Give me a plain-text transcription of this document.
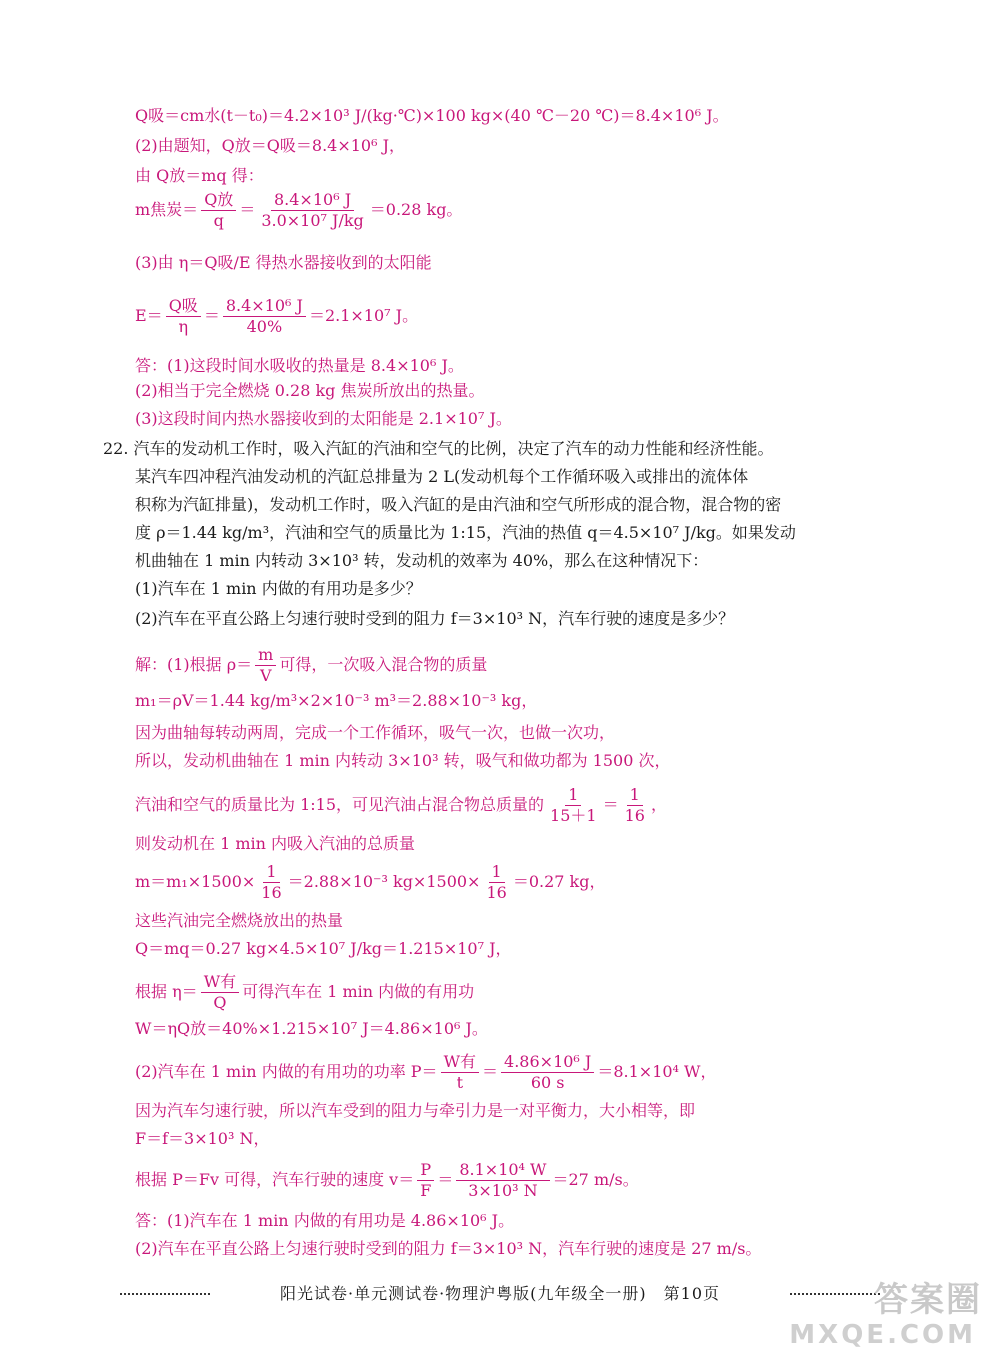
Q吸＝cm水(t－t₀)＝4.2×10³ J/(kg·℃)×100 kg×(40 ℃－20 ℃)＝8.4×10⁶ J。
(2)由题知，Q放＝Q吸＝8.4×10⁶ J，
由 Q放＝mq 得：
(3)由 η＝Q吸/E 得热水器接收到的太阳能
答：(1)这段时间水吸收的热量是 8.4×10⁶ J。
(2)相当于完全燃烧 0.28 kg 焦炭所放出的热量。
(3)这段时间内热水器接收到的太阳能是 2.1×10⁷ J。
22. 汽车的发动机工作时，吸入汽缸的汽油和空气的比例，决定了汽车的动力性能和经济性能。
某汽车四冲程汽油发动机的汽缸总排量为 2 L(发动机每个工作循环吸入或排出的流体体
积称为汽缸排量)，发动机工作时，吸入汽缸的是由汽油和空气所形成的混合物，混合物的密
度 ρ＝1.44 kg/m³，汽油和空气的质量比为 1:15，汽油的热值 q＝4.5×10⁷ J/kg。如果发动
机曲轴在 1 min 内转动 3×10³ 转，发动机的效率为 40%，那么在这种情况下：
(1)汽车在 1 min 内做的有用功是多少？
(2)汽车在平直公路上匀速行驶时受到的阻力 f＝3×10³ N，汽车行驶的速度是多少？
m₁＝ρV＝1.44 kg/m³×2×10⁻³ m³＝2.88×10⁻³ kg，
因为曲轴每转动两周，完成一个工作循环，吸气一次，也做一次功，
所以，发动机曲轴在 1 min 内转动 3×10³ 转，吸气和做功都为 1500 次，
则发动机在 1 min 内吸入汽油的总质量
这些汽油完全燃烧放出的热量
Q＝mq＝0.27 kg×4.5×10⁷ J/kg＝1.215×10⁷ J，
W＝ηQ放＝40%×1.215×10⁷ J＝4.86×10⁶ J。
因为汽车匀速行驶，所以汽车受到的阻力与牵引力是一对平衡力，大小相等，即
F＝f＝3×10³ N，
答：(1)汽车在 1 min 内做的有用功是 4.86×10⁶ J。
(2)汽车在平直公路上匀速行驶时受到的阻力 f＝3×10³ N，汽车行驶的速度是 27 m/s。
m焦炭＝ $\frac{\text{Q放}}{q} = \frac{\text{8.4×10⁶ J}}{\text{3.0×10⁷ J/kg}} =0.28$ kg。
$E= \frac{\text{Q吸}}{\eta} = \frac{\text{8.4×10⁶ J}}{40\%} =2.1\times 10^7$ J。
解：(1)根据 $\rho= \frac{m}{V}$ 可得，一次吸入混合物的质量
汽油和空气的质量比为 1:15，可见汽油占混合物总质量的 $\frac{1}{15+1} = \frac{1}{16}$ ，
$m=m_1\times 1500\times \frac{1}{16} =2.88\times 10^{-3}$ $kg\times 1500\times \frac{1}{16} =0.27$ kg，
根据 $\eta= \frac{\text{W有}}{Q}$ 可得汽车在 1 min 内做的有用功
(2)汽车在 1 min 内做的有用功的功率 $P= \frac{\text{W有}}{t} = \frac{\text{4.86×10⁶ J}}{60 s} =8.1\times 10^4$ W，
根据 P＝Fv 可得，汽车行驶的速度 $v= \frac{P}{F} = \frac{\text{8.1×10⁴ W}}{\text{3×10³ N}} =27$ m/s。
阳光试卷·单元测试卷·物理沪粤版(九年级全一册)　第10页	答案圈
MXQE.COM
